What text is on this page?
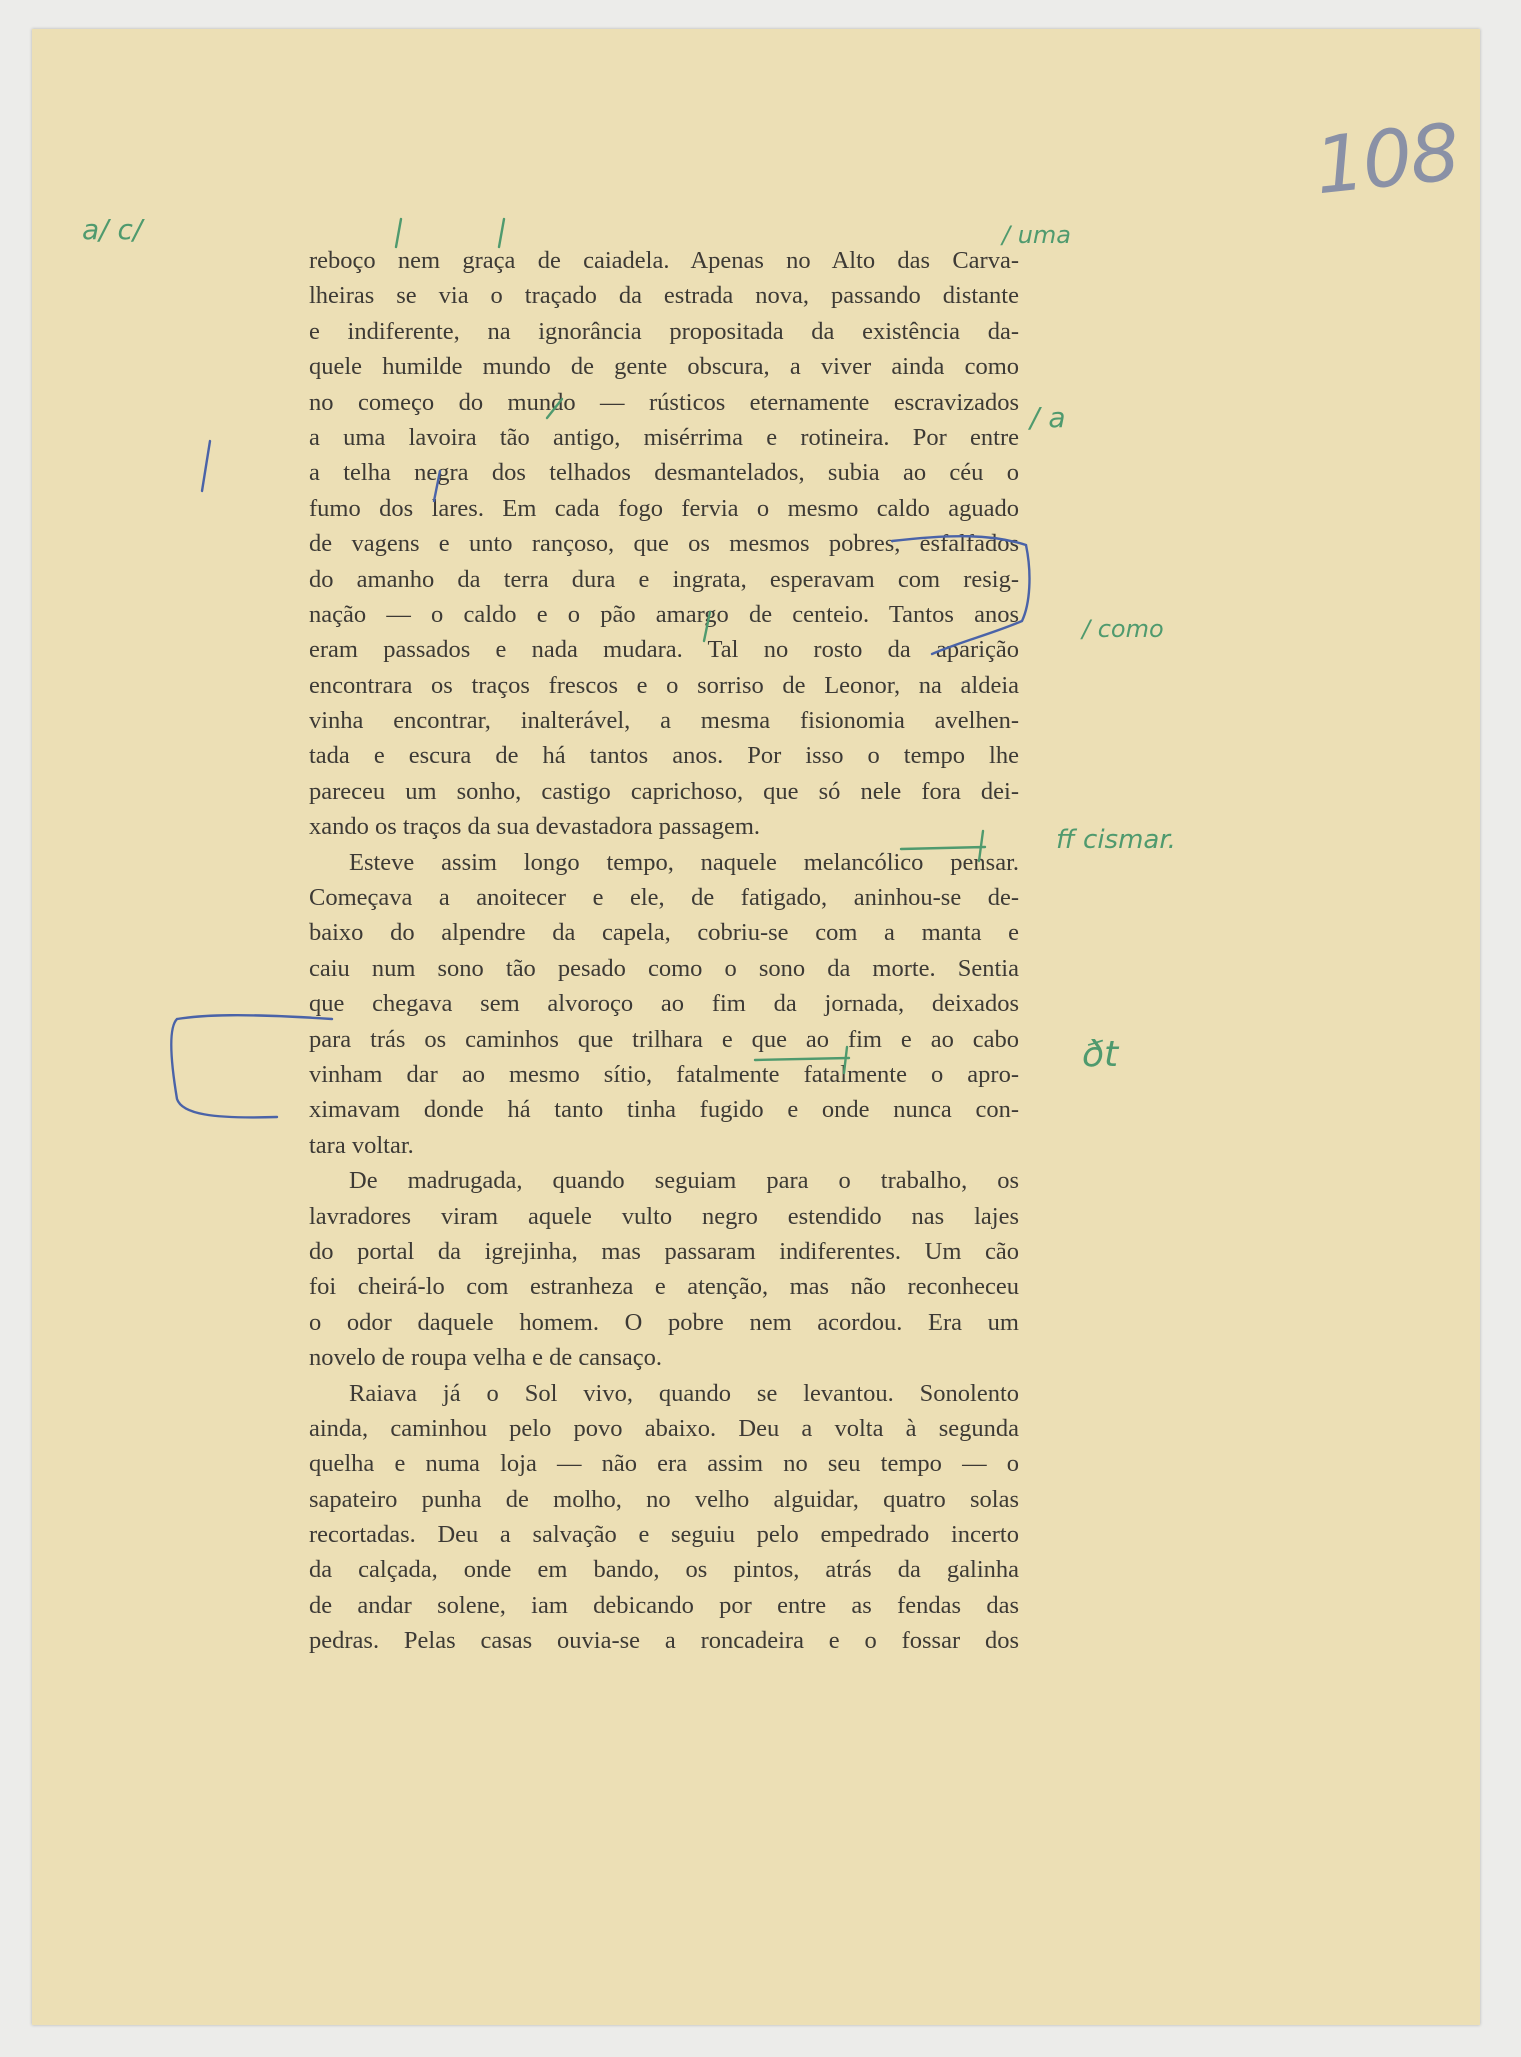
108
reboço nem graça de caiadela. Apenas no Alto das Carva-
lheiras se via o traçado da estrada nova, passando distante
e indiferente, na ignorância propositada da existência da-
quele humilde mundo de gente obscura, a viver ainda como
no começo do mundo — rústicos eternamente escravizados
a uma lavoira tão antigo, misérrima e rotineira. Por entre
a telha negra dos telhados desmantelados, subia ao céu o
fumo dos lares. Em cada fogo fervia o mesmo caldo aguado
de vagens e unto rançoso, que os mesmos pobres, esfalfados
do amanho da terra dura e ingrata, esperavam com resig-
nação — o caldo e o pão amargo de centeio. Tantos anos
eram passados e nada mudara. Tal no rosto da aparição
encontrara os traços frescos e o sorriso de Leonor, na aldeia
vinha encontrar, inalterável, a mesma fisionomia avelhen-
tada e escura de há tantos anos. Por isso o tempo lhe
pareceu um sonho, castigo caprichoso, que só nele fora dei-
xando os traços da sua devastadora passagem.
Esteve assim longo tempo, naquele melancólico pensar.
Começava a anoitecer e ele, de fatigado, aninhou-se de-
baixo do alpendre da capela, cobriu-se com a manta e
caiu num sono tão pesado como o sono da morte. Sentia
que chegava sem alvoroço ao fim da jornada, deixados
para trás os caminhos que trilhara e que ao fim e ao cabo
vinham dar ao mesmo sítio, fatalmente fatalmente o apro-
ximavam donde há tanto tinha fugido e onde nunca con-
tara voltar.
De madrugada, quando seguiam para o trabalho, os
lavradores viram aquele vulto negro estendido nas lajes
do portal da igrejinha, mas passaram indiferentes. Um cão
foi cheirá-lo com estranheza e atenção, mas não reconheceu
o odor daquele homem. O pobre nem acordou. Era um
novelo de roupa velha e de cansaço.
Raiava já o Sol vivo, quando se levantou. Sonolento
ainda, caminhou pelo povo abaixo. Deu a volta à segunda
quelha e numa loja — não era assim no seu tempo — o
sapateiro punha de molho, no velho alguidar, quatro solas
recortadas. Deu a salvação e seguiu pelo empedrado incerto
da calçada, onde em bando, os pintos, atrás da galinha
de andar solene, iam debicando por entre as fendas das
pedras. Pelas casas ouvia-se a roncadeira e o fossar dos
a/ c/	/ uma
/ a
/ como
ff cismar.
ðt
